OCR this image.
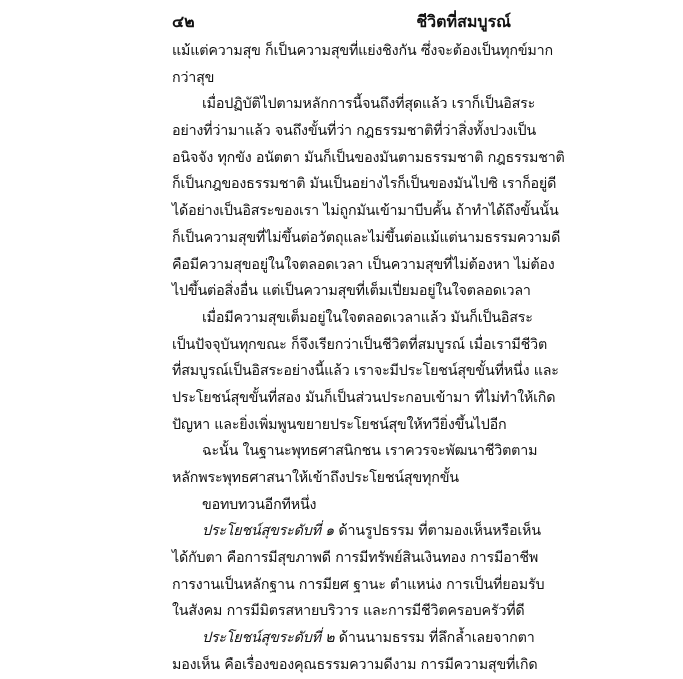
๔๒	ชีวิตที่สมบูรณ์
แม้แต่ความสุข ก็เป็นความสุขที่แย่งชิงกัน ซึ่งจะต้องเป็นทุกข์มาก
กว่าสุข
เมื่อปฏิบัติไปตามหลักการนี้จนถึงที่สุดแล้ว เราก็เป็นอิสระ
อย่างที่ว่ามาแล้ว จนถึงขั้นที่ว่า กฎธรรมชาติที่ว่าสิ่งทั้งปวงเป็น
อนิจจัง ทุกขัง อนัตตา มันก็เป็นของมันตามธรรมชาติ กฎธรรมชาติ
ก็เป็นกฎของธรรมชาติ มันเป็นอย่างไรก็เป็นของมันไปซิ เราก็อยู่ดี
ได้อย่างเป็นอิสระของเรา ไม่ถูกมันเข้ามาบีบคั้น ถ้าทำได้ถึงขั้นนั้น
ก็เป็นความสุขที่ไม่ขึ้นต่อวัตถุและไม่ขึ้นต่อแม้แต่นามธรรมความดี
คือมีความสุขอยู่ในใจตลอดเวลา เป็นความสุขที่ไม่ต้องหา ไม่ต้อง
ไปขึ้นต่อสิ่งอื่น แต่เป็นความสุขที่เต็มเปี่ยมอยู่ในใจตลอดเวลา
เมื่อมีความสุขเต็มอยู่ในใจตลอดเวลาแล้ว มันก็เป็นอิสระ
เป็นปัจจุบันทุกขณะ ก็จึงเรียกว่าเป็นชีวิตที่สมบูรณ์ เมื่อเรามีชีวิต
ที่สมบูรณ์เป็นอิสระอย่างนี้แล้ว เราจะมีประโยชน์สุขขั้นที่หนึ่ง และ
ประโยชน์สุขขั้นที่สอง มันก็เป็นส่วนประกอบเข้ามา ที่ไม่ทำให้เกิด
ปัญหา และยิ่งเพิ่มพูนขยายประโยชน์สุขให้ทวียิ่งขึ้นไปอีก
ฉะนั้น ในฐานะพุทธศาสนิกชน เราควรจะพัฒนาชีวิตตาม
หลักพระพุทธศาสนาให้เข้าถึงประโยชน์สุขทุกขั้น
ขอทบทวนอีกทีหนึ่ง
ประโยชน์สุขระดับที่ ๑ ด้านรูปธรรม ที่ตามองเห็นหรือเห็น
ได้กับตา คือการมีสุขภาพดี การมีทรัพย์สินเงินทอง การมีอาชีพ
การงานเป็นหลักฐาน การมียศ ฐานะ ตำแหน่ง การเป็นที่ยอมรับ
ในสังคม การมีมิตรสหายบริวาร และการมีชีวิตครอบครัวที่ดี
ประโยชน์สุขระดับที่ ๒ ด้านนามธรรม ที่ลึกล้ำเลยจากตา
มองเห็น คือเรื่องของคุณธรรมความดีงาม การมีความสุขที่เกิด
